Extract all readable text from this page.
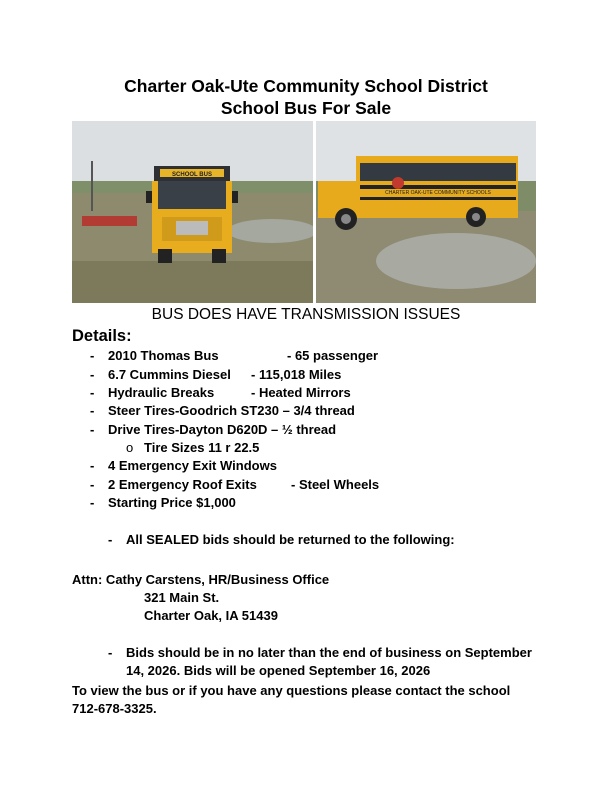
Charter Oak-Ute Community School District
School Bus For Sale
SCHOOL BUS
CHARTER OAK-UTE COMMUNITY SCHOOLS
BUS DOES HAVE TRANSMISSION ISSUES
Details:
- 2010 Thomas Bus	- 65 passenger
- 6.7 Cummins Diesel - 115,018 Miles
- Hydraulic Breaks	- Heated Mirrors
- Steer Tires-Goodrich ST230 – 3/4 thread
- Drive Tires-Dayton D620D – ½ thread
o Tire Sizes 11 r 22.5
- 4 Emergency Exit Windows
- 2 Emergency Roof Exits	- Steel Wheels
- Starting Price $1,000
- All SEALED bids should be returned to the following:
Attn: Cathy Carstens, HR/Business Office
321 Main St.
Charter Oak, IA 51439
- Bids should be in no later than the end of business on September
14, 2026. Bids will be opened September 16, 2026
To view the bus or if you have any questions please contact the school
712-678-3325.
